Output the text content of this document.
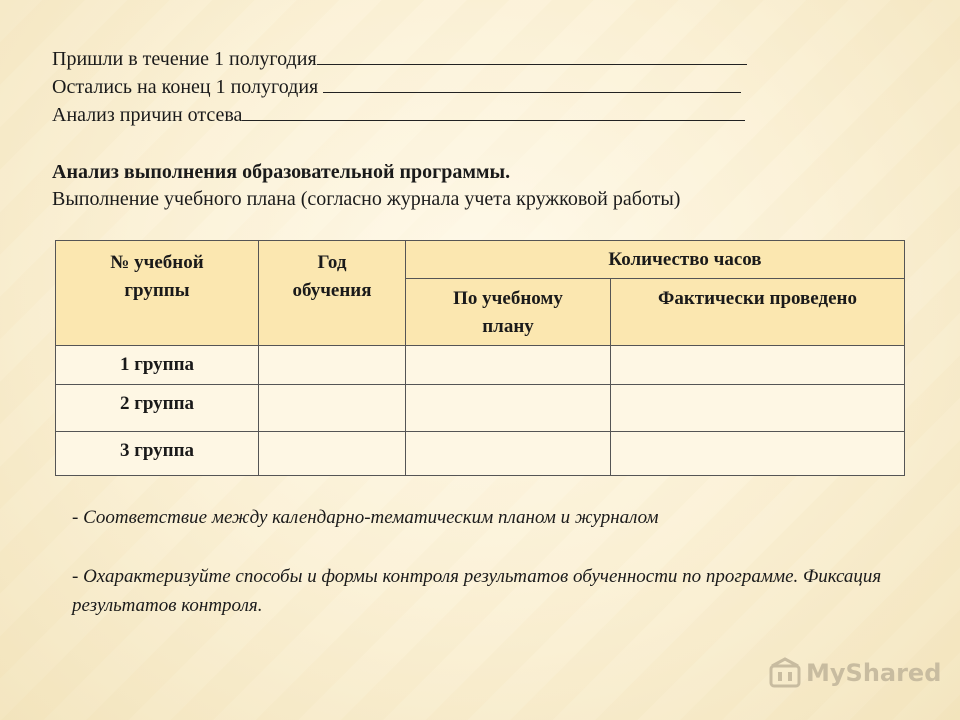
Пришли в течение 1 полугодия
Остались на конец 1 полугодия
Анализ причин отсева
Анализ выполнения образовательной программы.
Выполнение учебного плана (согласно журнала учета кружковой работы)
№ учебной группы	Год обучения	Количество часов	

		По учебному плану	Фактически проведено

1 группа			
2 группа			
3 группа			
- Соответствие между календарно-тематическим планом и журналом
- Охарактеризуйте способы и формы контроля результатов обученности по программе. Фиксация результатов контроля.
MyShared
